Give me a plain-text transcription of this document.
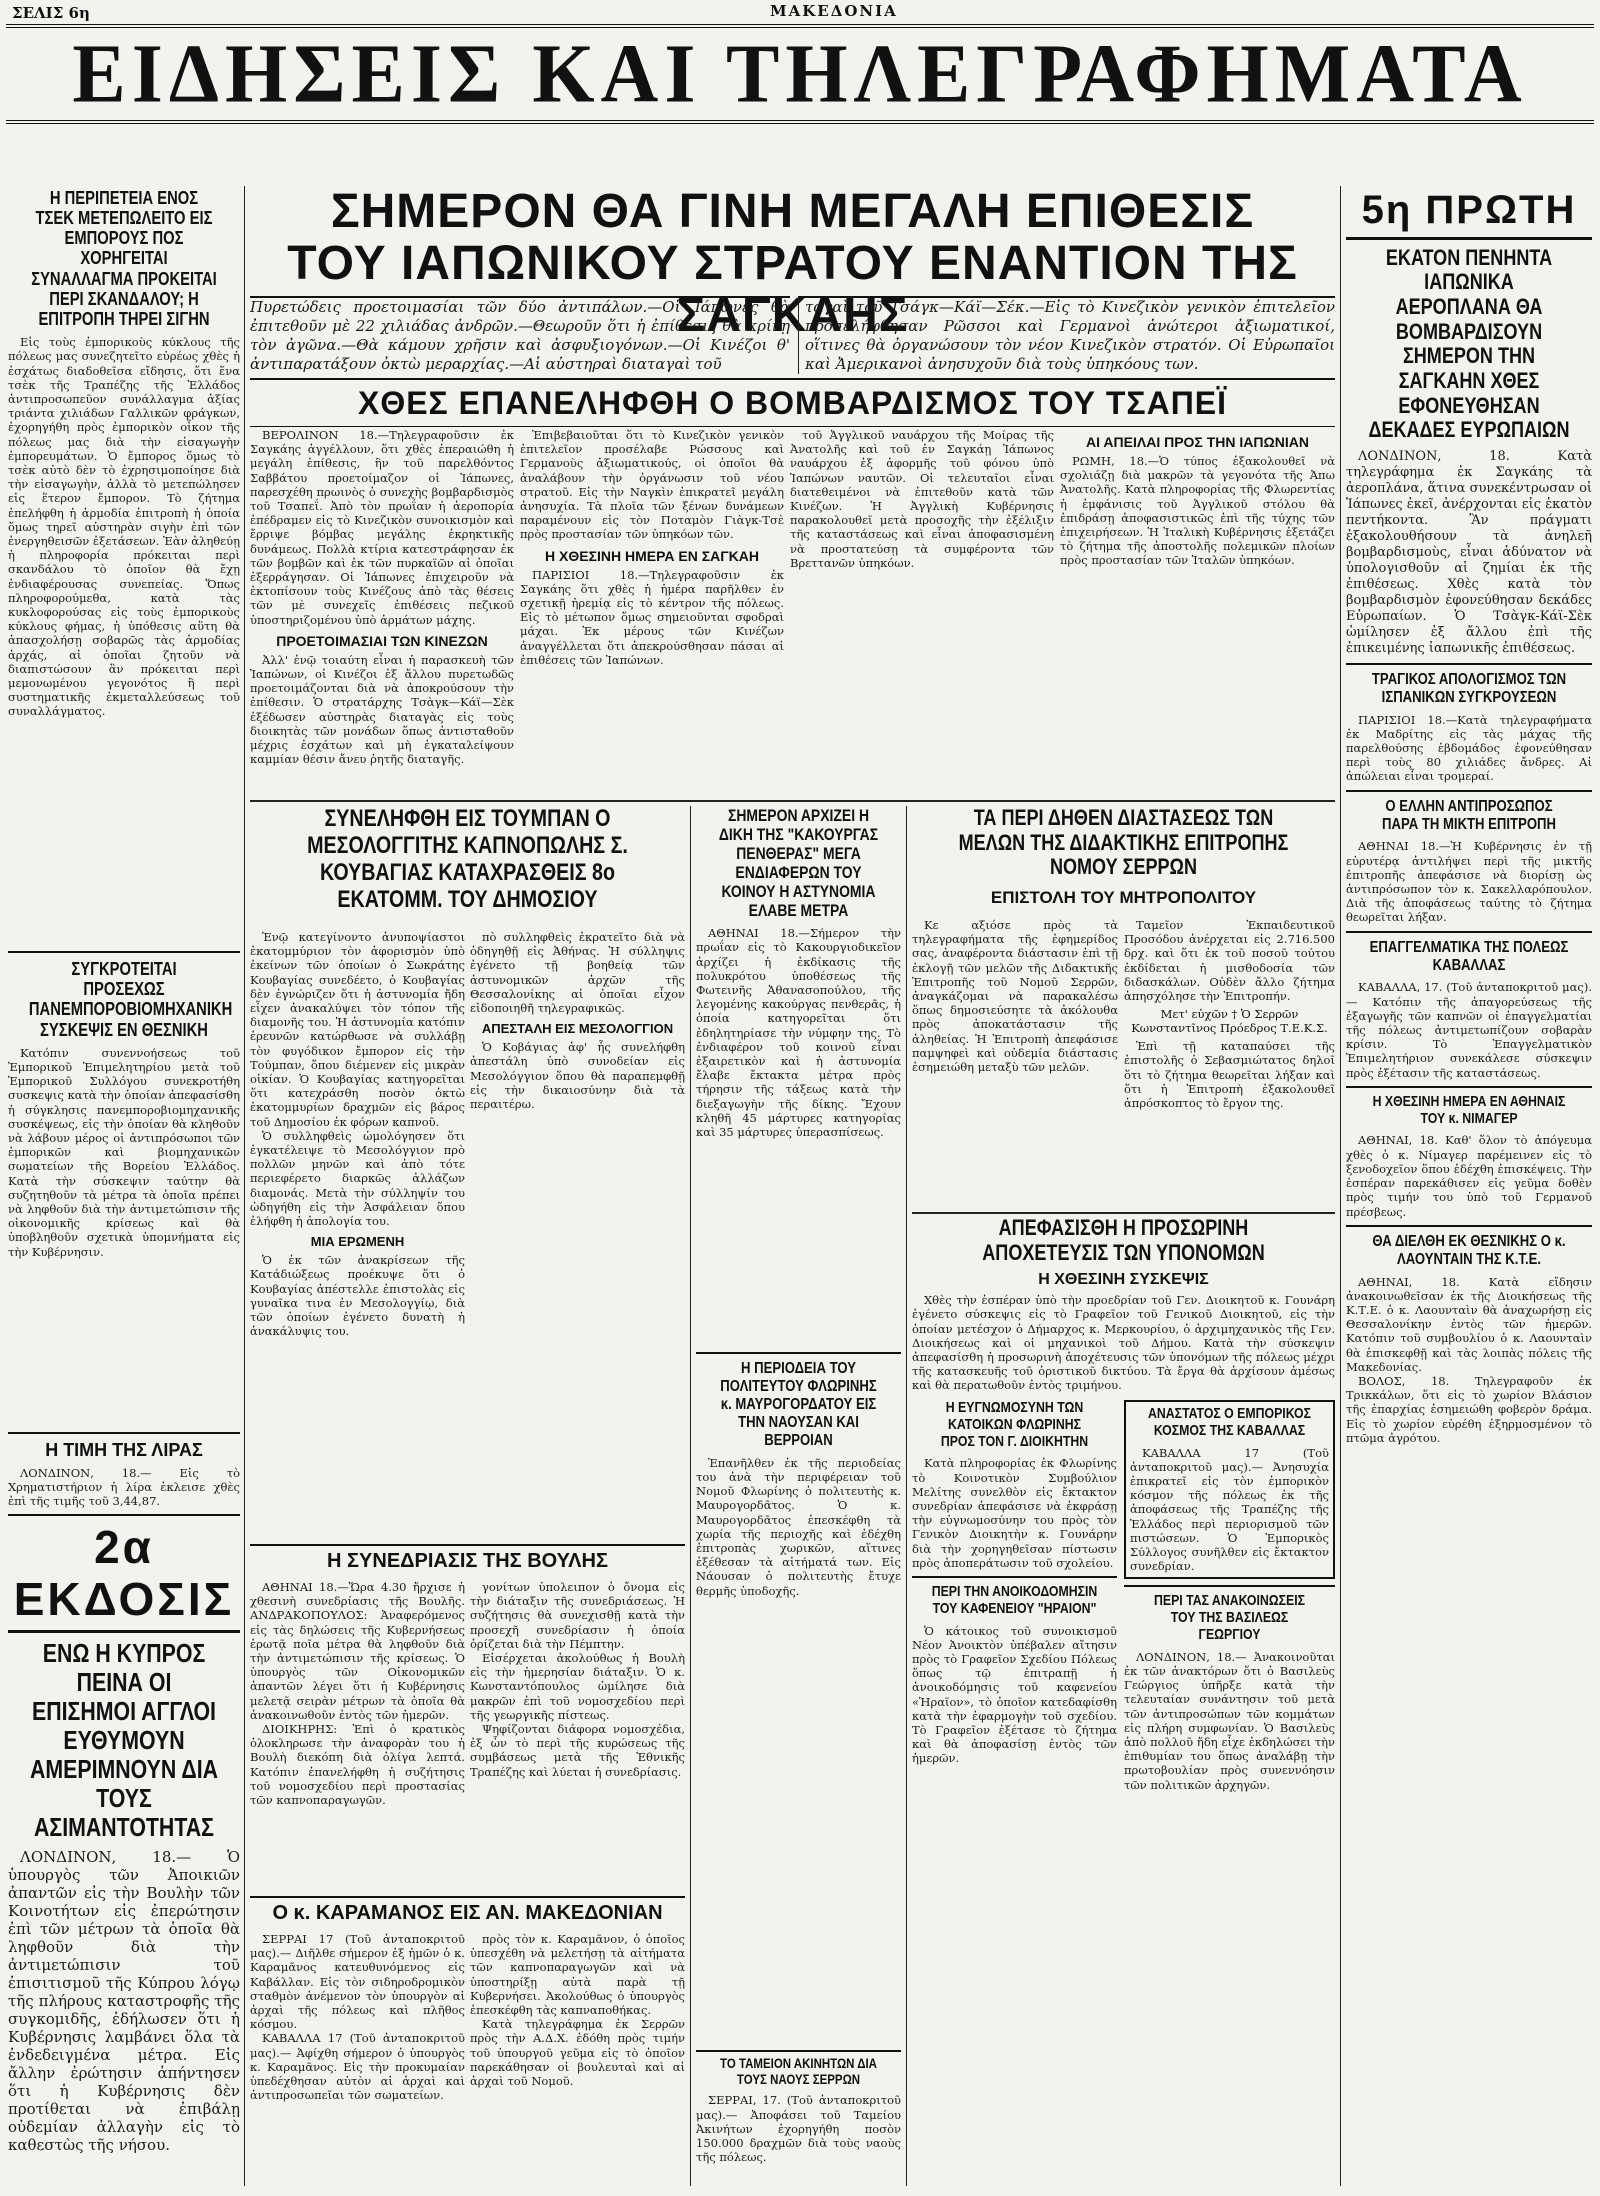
ΣΕΛΙΣ 6η	ΜΑΚΕΔΟΝΙΑ
ΕΙΔΗΣΕΙΣ ΚΑΙ ΤΗΛΕΓΡΑΦΗΜΑΤΑ
Η ΠΕΡΙΠΕΤΕΙΑ ΕΝΟΣ ΤΣΕΚ ΜΕΤΕΠΩΛΕΙΤΟ ΕΙΣ ΕΜΠΟΡΟΥΣ ΠΟΣ ΧΟΡΗΓΕΙΤΑΙ ΣΥΝΑΛΛΑΓΜΑ ΠΡΟΚΕΙΤΑΙ ΠΕΡΙ ΣΚΑΝΔΑΛΟΥ; Η ΕΠΙΤΡΟΠΗ ΤΗΡΕΙ ΣΙΓΗΝ

Εἰς τοὺς ἐμπορικοὺς κύκλους τῆς πόλεως μας συνεζητεῖτο εὐρέως χθὲς ἡ ἐσχάτως διαδοθεῖσα εἴδησις, ὅτι ἕνα τσὲκ τῆς Τραπέζης τῆς Ἑλλάδος ἀντιπροσωπεῦον συνάλλαγμα ἀξίας τριάντα χιλιάδων Γαλλικῶν φράγκων, ἐχορηγήθη πρὸς ἐμπορικὸν οἶκον τῆς πόλεως μας διὰ τὴν εἰσαγωγὴν ἐμπορευμάτων. Ὁ ἔμπορος ὅμως τὸ τσὲκ αὐτὸ δὲν τὸ ἐχρησιμοποίησε διὰ τὴν εἰσαγωγὴν, ἀλλὰ τὸ μετεπώλησεν εἰς ἕτερον ἔμπορον. Τὸ ζήτημα ἐπελήφθη ἡ ἁρμοδία ἐπιτροπὴ ἡ ὁποία ὅμως τηρεῖ αὐστηρὰν σιγὴν ἐπὶ τῶν ἐνεργηθεισῶν ἐξετάσεων. Ἐὰν ἀληθεύῃ ἡ πληροφορία πρόκειται περὶ σκανδάλου τὸ ὁποῖον θὰ ἔχῃ ἐνδιαφέρουσας συνεπείας. Ὅπως πληροφορούμεθα, κατὰ τὰς κυκλοφορούσας εἰς τοὺς ἐμπορικοὺς κύκλους φήμας, ἡ ὑπόθεσις αὕτη θὰ ἀπασχολήσῃ σοβαρῶς τὰς ἁρμοδίας ἀρχάς, αἱ ὁποῖαι ζητοῦν νὰ διαπιστώσουν ἂν πρόκειται περὶ μεμονωμένου γεγονότος ἢ περὶ συστηματικῆς ἐκμεταλλεύσεως τοῦ συναλλάγματος.

ΣΥΓΚΡΟΤΕΙΤΑΙ ΠΡΟΣΕΧΩΣ ΠΑΝΕΜΠΟΡΟΒΙΟΜΗΧΑΝΙΚΗ ΣΥΣΚΕΨΙΣ ΕΝ ΘΕΣΝΙΚΗ

Κατόπιν συνεννοήσεως τοῦ Ἐμπορικοῦ Ἐπιμελητηρίου μετὰ τοῦ Ἐμπορικοῦ Συλλόγου συνεκροτήθη συσκεψις κατὰ τὴν ὁποίαν ἀπεφασίσθη ἡ σύγκλησις πανεμποροβιομηχανικῆς συσκέψεως, εἰς τὴν ὁποίαν θὰ κληθοῦν νὰ λάβουν μέρος οἱ ἀντιπρόσωποι τῶν ἐμπορικῶν καὶ βιομηχανικῶν σωματείων τῆς Βορείου Ἑλλάδος. Κατὰ τὴν σύσκεψιν ταύτην θὰ συζητηθοῦν τὰ μέτρα τὰ ὁποῖα πρέπει νὰ ληφθοῦν διὰ τὴν ἀντιμετώπισιν τῆς οἰκονομικῆς κρίσεως καὶ θὰ ὑποβληθοῦν σχετικὰ ὑπομνήματα εἰς τὴν Κυβέρνησιν.

Η ΤΙΜΗ ΤΗΣ ΛΙΡΑΣ

ΛΟΝΔΙΝΟΝ, 18.— Εἰς τὸ Χρηματιστήριον ἡ λίρα ἐκλεισε χθὲς ἐπὶ τῆς τιμῆς τοῦ 3,44,87.

2α ΕΚΔΟΣΙΣ
ΕΝΩ Η ΚΥΠΡΟΣ ΠΕΙΝΑ ΟΙ ΕΠΙΣΗΜΟΙ ΑΓΓΛΟΙ ΕΥΘΥΜΟΥΝ ΑΜΕΡΙΜΝΟΥΝ ΔΙΑ ΤΟΥΣ ΑΣΙΜΑΝΤΟΤΗΤΑΣ

ΛΟΝΔΙΝΟΝ, 18.— Ὁ ὑπουργὸς τῶν Ἀποικιῶν ἀπαντῶν εἰς τὴν Βουλὴν τῶν Κοινοτήτων εἰς ἐπερώτησιν ἐπὶ τῶν μέτρων τὰ ὁποῖα θὰ ληφθοῦν διὰ τὴν ἀντιμετώπισιν τοῦ ἐπισιτισμοῦ τῆς Κύπρου λόγῳ τῆς πλήρους καταστροφῆς τῆς συγκομιδῆς, ἐδήλωσεν ὅτι ἡ Κυβέρνησις λαμβάνει ὅλα τὰ ἐνδεδειγμένα μέτρα. Εἰς ἄλλην ἐρώτησιν ἀπήντησεν ὅτι ἡ Κυβέρνησις δὲν προτίθεται νὰ ἐπιβάλῃ οὐδεμίαν ἀλλαγὴν εἰς τὸ καθεστὼς τῆς νήσου.

ΣΗΜΕΡΟΝ ΘΑ ΓΙΝΗ ΜΕΓΑΛΗ ΕΠΙΘΕΣΙΣ
ΤΟΥ ΙΑΠΩΝΙΚΟΥ ΣΤΡΑΤΟΥ ΕΝΑΝΤΙΟΝ ΤΗΣ ΣΑΓΚΑΗΣ

Πυρετώδεις προετοιμασίαι τῶν δύο ἀντιπάλων.—Οἱ Ἰάπωνες θὰ ἐπιτεθοῦν μὲ 22 χιλιάδας ἀνδρῶν.—Θεωροῦν ὅτι ἡ ἐπίθεσις θὰ κρίνῃ τὸν ἀγῶνα.—Θὰ κάμουν χρῆσιν καὶ ἀσφυξιογόνων.—Οἱ Κινέζοι θ' ἀντιπαρατάξουν ὀκτὼ μεραρχίας.—Αἱ αὐστηραὶ διαταγαὶ τοῦ

ταγαὶ τοῦ Τσάγκ—Κάϊ—Σέκ.—Εἰς τὸ Κινεζικὸν γενικὸν ἐπιτελεῖον προσελήφθησαν Ρῶσσοι καὶ Γερμανοὶ ἀνώτεροι ἀξιωματικοί, οἵτινες θὰ ὀργανώσουν τὸν νέον Κινεζικὸν στρατόν. Οἱ Εὐρωπαῖοι καὶ Ἀμερικανοὶ ἀνησυχοῦν διὰ τοὺς ὑπηκόους των.

ΧΘΕΣ ΕΠΑΝΕΛΗΦΘΗ Ο ΒΟΜΒΑΡΔΙΣΜΟΣ ΤΟΥ ΤΣΑΠΕΪ

ΒΕΡΟΛΙΝΟΝ 18.—Τηλεγραφοῦσιν ἐκ Σαγκάης ἀγγέλλουν, ὅτι χθὲς ἐπεραιώθη ἡ μεγάλη ἐπίθεσις, ἣν τοῦ παρελθόντος Σαββάτου προετοίμαζον οἱ Ἰάπωνες, παρεσχέθη πρωινὸς ὁ συνεχὴς βομβαρδισμὸς τοῦ Τσαπεΐ. Ἀπὸ τὸν πρωΐαν ἡ ἀεροπορία ἐπέδραμεν εἰς τὸ Κινεζικὸν συνοικισμὸν καὶ ἔρριψε βόμβας μεγάλης ἐκρηκτικῆς δυνάμεως. Πολλὰ κτίρια κατεστράφησαν ἐκ τῶν βομβῶν καὶ ἐκ τῶν πυρκαϊῶν αἱ ὁποῖαι ἐξερράγησαν. Οἱ Ἰάπωνες ἐπιχειροῦν νὰ ἐκτοπίσουν τοὺς Κινέζους ἀπὸ τὰς θέσεις τῶν μὲ συνεχεῖς ἐπιθέσεις πεζικοῦ ὑποστηριζομένου ὑπὸ ἀρμάτων μάχης.

ΠΡΟΕΤΟΙΜΑΣΙΑΙ ΤΩΝ ΚΙΝΕΖΩΝ

Ἀλλ' ἐνῷ τοιαύτη εἶναι ἡ παρασκευὴ τῶν Ἰαπώνων, οἱ Κινέζοι ἐξ ἄλλου πυρετωδῶς προετοιμάζονται διὰ νὰ ἀποκρούσουν τὴν ἐπίθεσιν. Ὁ στρατάρχης Τσὰγκ—Κάϊ—Σὲκ ἐξέδωσεν αὐστηρὰς διαταγὰς εἰς τοὺς διοικητὰς τῶν μονάδων ὅπως ἀντισταθοῦν μέχρις ἐσχάτων καὶ μὴ ἐγκαταλείψουν καμμίαν θέσιν ἄνευ ῥητῆς διαταγῆς.

Ἐπιβεβαιοῦται ὅτι τὸ Κινεζικὸν γενικὸν ἐπιτελεῖον προσέλαβε Ρώσσους καὶ Γερμανοὺς ἀξιωματικούς, οἱ ὁποῖοι θὰ ἀναλάβουν τὴν ὀργάνωσιν τοῦ νέου στρατοῦ. Εἰς τὴν Ναγκὶν ἐπικρατεῖ μεγάλη ἀνησυχία. Τὰ πλοῖα τῶν ξένων δυνάμεων παραμένουν εἰς τὸν Ποταμὸν Γιὰγκ-Τσὲ πρὸς προστασίαν τῶν ὑπηκόων τῶν.

Η ΧΘΕΣΙΝΗ ΗΜΕΡΑ ΕΝ ΣΑΓΚΑΗ

ΠΑΡΙΣΙΟΙ 18.—Τηλεγραφοῦσιν ἐκ Σαγκάης ὅτι χθὲς ἡ ἡμέρα παρῆλθεν ἐν σχετικῇ ἠρεμίᾳ εἰς τὸ κέντρον τῆς πόλεως. Εἰς τὸ μέτωπον ὅμως σημειοῦνται σφοδραὶ μάχαι. Ἐκ μέρους τῶν Κινέζων ἀναγγέλλεται ὅτι ἀπεκρούσθησαν πάσαι αἱ ἐπιθέσεις τῶν Ἰαπώνων.

τοῦ Ἀγγλικοῦ ναυάρχου τῆς Μοίρας τῆς Ἀνατολῆς καὶ τοῦ ἐν Σαγκάῃ Ἰάπωνος ναυάρχου ἐξ ἀφορμῆς τοῦ φόνου ὑπὸ Ἰαπώνων ναυτῶν. Οἱ τελευταῖοι εἶναι διατεθειμένοι νὰ ἐπιτεθοῦν κατὰ τῶν Κινέζων. Ἡ Ἀγγλικὴ Κυβέρνησις παρακολουθεῖ μετὰ προσοχῆς τὴν ἐξέλιξιν τῆς καταστάσεως καὶ εἶναι ἀποφασισμένη νὰ προστατεύσῃ τὰ συμφέροντα τῶν Βρεττανῶν ὑπηκόων.

ΑΙ ΑΠΕΙΛΑΙ ΠΡΟΣ ΤΗΝ ΙΑΠΩΝΙΑΝ

ΡΩΜΗ, 18.—Ὁ τύπος ἐξακολουθεῖ νὰ σχολιάζῃ διὰ μακρῶν τὰ γεγονότα τῆς Ἀπω Ἀνατολῆς. Κατὰ πληροφορίας τῆς Φλωρεντίας ἡ ἐμφάνισις τοῦ Ἀγγλικοῦ στόλου θὰ ἐπιδράσῃ ἀποφασιστικῶς ἐπὶ τῆς τύχης τῶν ἐπιχειρήσεων. Ἡ Ἰταλικὴ Κυβέρνησις ἐξετάζει τὸ ζήτημα τῆς ἀποστολῆς πολεμικῶν πλοίων πρὸς προστασίαν τῶν Ἰταλῶν ὑπηκόων.

ΣΥΝΕΛΗΦΘΗ ΕΙΣ ΤΟΥΜΠΑΝ Ο ΜΕΣΟΛΟΓΓΙΤΗΣ ΚΑΠΝΟΠΩΛΗΣ Σ. ΚΟΥΒΑΓΙΑΣ ΚΑΤΑΧΡΑΣΘΕΙΣ 8ο ΕΚΑΤΟΜΜ. ΤΟΥ ΔΗΜΟΣΙΟΥ

Ἐνῷ κατεγίνοντο ἀνυποψίαστοι ἐκατομμύριον τὸν ἀφορισμὸν ὑπὸ ἐκείνων τῶν ὁποίων ὁ Σωκράτης Κουβαγίας συνεδέετο, ὁ Κουβαγίας δὲν ἐγνώριζεν ὅτι ἡ ἀστυνομία ἤδη εἶχεν ἀνακαλύψει τὸν τόπον τῆς διαμονῆς του. Ἡ ἀστυνομία κατόπιν ἐρευνῶν κατώρθωσε νὰ συλλάβῃ τὸν φυγόδικον ἔμπορον εἰς τὴν Τούμπαν, ὅπου διέμενεν εἰς μικρὰν οἰκίαν. Ὁ Κουβαγίας κατηγορεῖται ὅτι κατεχράσθη ποσὸν ὀκτὼ ἑκατομμυρίων δραχμῶν εἰς βάρος τοῦ Δημοσίου ἐκ φόρων καπνοῦ.

Ὁ συλληφθεὶς ὡμολόγησεν ὅτι ἐγκατέλειψε τὸ Μεσολόγγιον πρὸ πολλῶν μηνῶν καὶ ἀπὸ τότε περιεφέρετο διαρκῶς ἀλλάζων διαμονάς. Μετὰ τὴν σύλληψίν του ὡδηγήθη εἰς τὴν Ἀσφάλειαν ὅπου ἐλήφθη ἡ ἀπολογία του.

ΜΙΑ ΕΡΩΜΕΝΗ

Ὁ ἐκ τῶν ἀνακρίσεων τῆς Κατάδιώξεως προέκυψε ὅτι ὁ Κουβαγίας ἀπέστελλε ἐπιστολὰς εἰς γυναῖκα τινα ἐν Μεσολογγίῳ, διὰ τῶν ὁποίων ἐγένετο δυνατὴ ἡ ἀνακάλυψις του.

πὸ συλληφθεὶς ἐκρατεῖτο διὰ νὰ ὁδηγηθῇ εἰς Ἀθήνας. Ἡ σύλληψις ἐγένετο τῇ βοηθείᾳ τῶν ἀστυνομικῶν ἀρχῶν τῆς Θεσσαλονίκης αἱ ὁποῖαι εἶχον εἰδοποιηθῆ τηλεγραφικῶς.

ΑΠΕΣΤΑΛΗ ΕΙΣ ΜΕΣΟΛΟΓΓΙΟΝ

Ὁ Κοβάγιας ἀφ' ἧς συνελήφθη ἀπεστάλη ὑπὸ συνοδείαν εἰς Μεσολόγγιον ὅπου θὰ παραπεμφθῇ εἰς τὴν δικαιοσύνην διὰ τὰ περαιτέρω.

ΣΗΜΕΡΟΝ ΑΡΧΙΖΕΙ Η ΔΙΚΗ ΤΗΣ "ΚΑΚΟΥΡΓΑΣ ΠΕΝΘΕΡΑΣ" ΜΕΓΑ ΕΝΔΙΑΦΕΡΩΝ ΤΟΥ ΚΟΙΝΟΥ Η ΑΣΤΥΝΟΜΙΑ ΕΛΑΒΕ ΜΕΤΡΑ

ΑΘΗΝΑΙ 18.—Σήμερον τὴν πρωΐαν εἰς τὸ Κακουργιοδικεῖον ἀρχίζει ἡ ἐκδίκασις τῆς πολυκρότου ὑποθέσεως τῆς Φωτεινῆς Ἀθανασοπούλου, τῆς λεγομένης κακούργας πενθερᾶς, ἡ ὁποία κατηγορεῖται ὅτι ἐδηλητηρίασε τὴν νύμφην της. Τὸ ἐνδιαφέρον τοῦ κοινοῦ εἶναι ἐξαιρετικὸν καὶ ἡ ἀστυνομία ἔλαβε ἔκτακτα μέτρα πρὸς τήρησιν τῆς τάξεως κατὰ τὴν διεξαγωγὴν τῆς δίκης. Ἔχουν κληθῆ 45 μάρτυρες κατηγορίας καὶ 35 μάρτυρες ὑπερασπίσεως.

Η ΠΕΡΙΟΔΕΙΑ ΤΟΥ ΠΟΛΙΤΕΥΤΟΥ ΦΛΩΡΙΝΗΣ κ. ΜΑΥΡΟΓΟΡΔΑΤΟΥ ΕΙΣ ΤΗΝ ΝΑΟΥΣΑΝ ΚΑΙ ΒΕΡΡΟΙΑΝ

Ἐπανῆλθεν ἐκ τῆς περιοδείας του ἀνὰ τὴν περιφέρειαν τοῦ Νομοῦ Φλωρίνης ὁ πολιτευτὴς κ. Μαυρογορδᾶτος. Ὁ κ. Μαυρογορδᾶτος ἐπεσκέφθη τὰ χωρία τῆς περιοχῆς καὶ ἐδέχθη ἐπιτροπὰς χωρικῶν, αἵτινες ἐξέθεσαν τὰ αἰτήματά των. Εἰς Νάουσαν ὁ πολιτευτὴς ἔτυχε θερμῆς ὑποδοχῆς.

ΤΑ ΠΕΡΙ ΔΗΘΕΝ ΔΙΑΣΤΑΣΕΩΣ ΤΩΝ ΜΕΛΩΝ ΤΗΣ ΔΙΔΑΚΤΙΚΗΣ ΕΠΙΤΡΟΠΗΣ ΝΟΜΟΥ ΣΕΡΡΩΝ
ΕΠΙΣΤΟΛΗ ΤΟΥ ΜΗΤΡΟΠΟΛΙΤΟΥ

Κε αξιόσε πρὸς τὰ τηλεγραφήματα τῆς ἐφημερίδος σας, ἀναφέροντα διάστασιν ἐπὶ τῇ ἐκλογῇ τῶν μελῶν τῆς Διδακτικῆς Ἐπιτροπῆς τοῦ Νομοῦ Σερρῶν, ἀναγκάζομαι νὰ παρακαλέσω ὅπως δημοσιεύσητε τὰ ἀκόλουθα πρὸς ἀποκατάστασιν τῆς ἀληθείας. Ἡ Ἐπιτροπὴ ἀπεφάσισε παμψηφεὶ καὶ οὐδεμία διάστασις ἐσημειώθη μεταξὺ τῶν μελῶν.

Ταμεῖον Ἐκπαιδευτικοῦ Προσόδου ἀνέρχεται εἰς 2.716.500 δρχ. καὶ ὅτι ἐκ τοῦ ποσοῦ τούτου ἐκδίδεται ἡ μισθοδοσία τῶν διδασκάλων. Οὐδὲν ἄλλο ζήτημα ἀπησχόλησε τὴν Ἐπιτροπήν.

Μετ' εὐχῶν † Ὁ Σερρῶν Κωνσταντῖνος Πρόεδρος Τ.Ε.Κ.Σ.

Ἐπὶ τῇ καταπαύσει τῆς ἐπιστολῆς ὁ Σεβασμιώτατος δηλοῖ ὅτι τὸ ζήτημα θεωρεῖται λήξαν καὶ ὅτι ἡ Ἐπιτροπὴ ἐξακολουθεῖ ἀπρόσκοπτος τὸ ἔργον της.

ΑΠΕΦΑΣΙΣΘΗ Η ΠΡΟΣΩΡΙΝΗ ΑΠΟΧΕΤΕΥΣΙΣ ΤΩΝ ΥΠΟΝΟΜΩΝ
Η ΧΘΕΣΙΝΗ ΣΥΣΚΕΨΙΣ

Χθὲς τὴν ἑσπέραν ὑπὸ τὴν προεδρίαν τοῦ Γεν. Διοικητοῦ κ. Γουνάρη ἐγένετο σύσκεψις εἰς τὸ Γραφεῖον τοῦ Γενικοῦ Διοικητοῦ, εἰς τὴν ὁποίαν μετέσχον ὁ Δήμαρχος κ. Μερκουρίου, ὁ ἀρχιμηχανικὸς τῆς Γεν. Διοικήσεως καὶ οἱ μηχανικοὶ τοῦ Δήμου. Κατὰ τὴν σύσκεψιν ἀπεφασίσθη ἡ προσωρινὴ ἀποχέτευσις τῶν ὑπονόμων τῆς πόλεως μέχρι τῆς κατασκευῆς τοῦ ὁριστικοῦ δικτύου. Τὰ ἔργα θὰ ἀρχίσουν ἀμέσως καὶ θὰ περατωθοῦν ἐντὸς τριμήνου.

Η ΕΥΓΝΩΜΟΣΥΝΗ ΤΩΝ ΚΑΤΟΙΚΩΝ ΦΛΩΡΙΝΗΣ ΠΡΟΣ ΤΟΝ Γ. ΔΙΟΙΚΗΤΗΝ

Κατὰ πληροφορίας ἐκ Φλωρίνης τὸ Κοινοτικὸν Συμβούλιον Μελίτης συνελθὸν εἰς ἔκτακτον συνεδρίαν ἀπεφάσισε νὰ ἐκφράσῃ τὴν εὐγνωμοσύνην του πρὸς τὸν Γενικὸν Διοικητὴν κ. Γουνάρην διὰ τὴν χορηγηθεῖσαν πίστωσιν πρὸς ἀποπεράτωσιν τοῦ σχολείου.

ΠΕΡΙ ΤΗΝ ΑΝΟΙΚΟΔΟΜΗΣΙΝ ΤΟΥ ΚΑΦΕΝΕΙΟΥ "ΗΡΑΙΟΝ"

Ὁ κάτοικος τοῦ συνοικισμοῦ Νέον Ἀνοικτὸν ὑπέβαλεν αἴτησιν πρὸς τὸ Γραφεῖον Σχεδίου Πόλεως ὅπως τῷ ἐπιτραπῇ ἡ ἀνοικοδόμησις τοῦ καφενείου «Ἡραῖον», τὸ ὁποῖον κατεδαφίσθη κατὰ τὴν ἐφαρμογὴν τοῦ σχεδίου. Τὸ Γραφεῖον ἐξέτασε τὸ ζήτημα καὶ θὰ ἀποφασίσῃ ἐντὸς τῶν ἡμερῶν.

ΑΝΑΣΤΑΤΟΣ Ο ΕΜΠΟΡΙΚΟΣ ΚΟΣΜΟΣ ΤΗΣ ΚΑΒΑΛΛΑΣ

ΚΑΒΑΛΛΑ 17 (Τοῦ ἀνταποκριτοῦ μας).— Ἀνησυχία ἐπικρατεῖ εἰς τὸν ἐμπορικὸν κόσμον τῆς πόλεως ἐκ τῆς ἀποφάσεως τῆς Τραπέζης τῆς Ἑλλάδος περὶ περιορισμοῦ τῶν πιστώσεων. Ὁ Ἐμπορικὸς Σύλλογος συνῆλθεν εἰς ἔκτακτον συνεδρίαν.

ΠΕΡΙ ΤΑΣ ΑΝΑΚΟΙΝΩΣΕΙΣ ΤΟΥ ΤΗΣ ΒΑΣΙΛΕΩΣ ΓΕΩΡΓΙΟΥ

ΛΟΝΔΙΝΟΝ, 18.— Ἀνακοινοῦται ἐκ τῶν ἀνακτόρων ὅτι ὁ Βασιλεὺς Γεώργιος ὑπῆρξε κατὰ τὴν τελευταίαν συνάντησιν τοῦ μετὰ τῶν ἀντιπροσώπων τῶν κομμάτων εἰς πλήρη συμφωνίαν. Ὁ Βασιλεὺς ἀπὸ πολλοῦ ἤδη εἶχε ἐκδηλώσει τὴν ἐπιθυμίαν του ὅπως ἀναλάβῃ τὴν πρωτοβουλίαν πρὸς συνεννόησιν τῶν πολιτικῶν ἀρχηγῶν.

Η ΣΥΝΕΔΡΙΑΣΙΣ ΤΗΣ ΒΟΥΛΗΣ

ΑΘΗΝΑΙ 18.—Ὥρα 4.30 ἤρχισε ἡ χθεσινὴ συνεδρίασις τῆς Βουλῆς. ΑΝΔΡΑΚΟΠΟΥΛΟΣ: Ἀναφερόμενος εἰς τὰς δηλώσεις τῆς Κυβερνήσεως ἐρωτᾷ ποῖα μέτρα θὰ ληφθοῦν διὰ τὴν ἀντιμετώπισιν τῆς κρίσεως. Ὁ ὑπουργὸς τῶν Οἰκονομικῶν ἀπαντῶν λέγει ὅτι ἡ Κυβέρνησις μελετᾷ σειρὰν μέτρων τὰ ὁποῖα θὰ ἀνακοινωθοῦν ἐντὸς τῶν ἡμερῶν.

ΔΙΟΙΚΗΡΗΣ: Ἐπὶ ὁ κρατικὸς ὁλοκληρωσε τὴν ἀναφορὰν του ἡ Βουλὴ διεκόπη διὰ ὀλίγα λεπτά. Κατόπιν ἐπανελήφθη ἡ συζήτησις τοῦ νομοσχεδίου περὶ προστασίας τῶν καπνοπαραγωγῶν.

γονίτων ὑπολειπον ὁ ὄνομα εἰς τὴν διάταξιν τῆς συνεδριάσεως. Ἡ συζήτησις θὰ συνεχισθῇ κατὰ τὴν προσεχῆ συνεδρίασιν ἡ ὁποία ὁρίζεται διὰ τὴν Πέμπτην.

Εἰσέρχεται ἀκολούθως ἡ Βουλὴ εἰς τὴν ἡμερησίαν διάταξιν. Ὁ κ. Κωνσταντόπουλος ὡμίλησε διὰ μακρῶν ἐπὶ τοῦ νομοσχεδίου περὶ τῆς γεωργικῆς πίστεως.

Ψηφίζονται διάφορα νομοσχέδια, ἐξ ὧν τὸ περὶ τῆς κυρώσεως τῆς συμβάσεως μετὰ τῆς Ἐθνικῆς Τραπέζης καὶ λύεται ἡ συνεδρίασις.

Ο κ. ΚΑΡΑΜΑΝΟΣ ΕΙΣ ΑΝ. ΜΑΚΕΔΟΝΙΑΝ

ΣΕΡΡΑΙ 17 (Τοῦ ἀνταποκριτοῦ μας).— Διῆλθε σήμερον ἐξ ἡμῶν ὁ κ. Καραμᾶνος κατευθυνόμενος εἰς Καβάλλαν. Εἰς τὸν σιδηροδρομικὸν σταθμὸν ἀνέμενον τὸν ὑπουργὸν αἱ ἀρχαὶ τῆς πόλεως καὶ πλῆθος κόσμου.

ΚΑΒΑΛΛΑ 17 (Τοῦ ἀνταποκριτοῦ μας).— Ἀφίχθη σήμερον ὁ ὑπουργὸς κ. Καραμᾶνος. Εἰς τὴν προκυμαίαν ὑπεδέχθησαν αὐτὸν αἱ ἀρχαὶ καὶ ἀντιπροσωπεῖαι τῶν σωματείων.

πρὸς τὸν κ. Καραμᾶνον, ὁ ὁποῖος ὑπεσχέθη νὰ μελετήσῃ τὰ αἰτήματα τῶν καπνοπαραγωγῶν καὶ νὰ ὑποστηρίξῃ αὐτὰ παρὰ τῇ Κυβερνήσει. Ἀκολούθως ὁ ὑπουργὸς ἐπεσκέφθη τὰς καπναποθήκας.

Κατὰ τηλεγράφημα ἐκ Σερρῶν πρὸς τὴν Α.Δ.Χ. ἐδόθη πρὸς τιμήν τοῦ ὑπουργοῦ γεῦμα εἰς τὸ ὁποῖον παρεκάθησαν οἱ βουλευταὶ καὶ αἱ ἀρχαὶ τοῦ Νομοῦ.

ΤΟ ΤΑΜΕΙΟΝ ΑΚΙΝΗΤΩΝ ΔΙΑ ΤΟΥΣ ΝΑΟΥΣ ΣΕΡΡΩΝ

ΣΕΡΡΑΙ, 17. (Τοῦ ἀνταποκριτοῦ μας).— Ἀποφάσει τοῦ Ταμείου Ἀκινήτων ἐχορηγήθη ποσὸν 150.000 δραχμῶν διὰ τοὺς ναοὺς τῆς πόλεως.

5η ΠΡΩΤΗ
ΕΚΑΤΟΝ ΠΕΝΗΝΤΑ ΙΑΠΩΝΙΚΑ ΑΕΡΟΠΛΑΝΑ ΘΑ ΒΟΜΒΑΡΔΙΣΟΥΝ ΣΗΜΕΡΟΝ ΤΗΝ ΣΑΓΚΑΗΝ ΧΘΕΣ ΕΦΟΝΕΥΘΗΣΑΝ ΔΕΚΑΔΕΣ ΕΥΡΩΠΑΙΩΝ

ΛΟΝΔΙΝΟΝ, 18. Κατὰ τηλεγράφημα ἐκ Σαγκάης τὰ ἀεροπλάνα, ἅτινα συνεκέντρωσαν οἱ Ἰάπωνες ἐκεῖ, ἀνέρχονται εἰς ἑκατὸν πεντήκοντα. Ἂν πράγματι ἐξακολουθήσουν τὰ ἀνηλεῆ βομβαρδισμοὺς, εἶναι ἀδύνατον νὰ ὑπολογισθοῦν αἱ ζημίαι ἐκ τῆς ἐπιθέσεως. Χθὲς κατὰ τὸν βομβαρδισμὸν ἐφονεύθησαν δεκάδες Εὐρωπαίων. Ὁ Τσὰγκ-Κάϊ-Σὲκ ὡμίλησεν ἐξ ἄλλου ἐπὶ τῆς ἐπικειμένης ἰαπωνικῆς ἐπιθέσεως.

ΤΡΑΓΙΚΟΣ ΑΠΟΛΟΓΙΣΜΟΣ ΤΩΝ ΙΣΠΑΝΙΚΩΝ ΣΥΓΚΡΟΥΣΕΩΝ

ΠΑΡΙΣΙΟΙ 18.—Κατὰ τηλεγραφήματα ἐκ Μαδρίτης εἰς τὰς μάχας τῆς παρελθούσης ἑβδομάδος ἐφονεύθησαν περὶ τοὺς 80 χιλιάδες ἄνδρες. Αἱ ἀπώλειαι εἶναι τρομεραί.

Ο ΕΛΛΗΝ ΑΝΤΙΠΡΟΣΩΠΟΣ ΠΑΡΑ ΤΗ ΜΙΚΤΗ ΕΠΙΤΡΟΠΗ

ΑΘΗΝΑΙ 18.—Ἡ Κυβέρνησις ἐν τῇ εὐρυτέρᾳ ἀντιλήψει περὶ τῆς μικτῆς ἐπιτροπῆς ἀπεφάσισε νὰ διορίσῃ ὡς ἀντιπρόσωπον τὸν κ. Σακελλαρόπουλον. Διὰ τῆς ἀποφάσεως ταύτης τὸ ζήτημα θεωρεῖται λήξαν.

ΕΠΑΓΓΕΛΜΑΤΙΚΑ ΤΗΣ ΠΟΛΕΩΣ ΚΑΒΑΛΛΑΣ

ΚΑΒΑΛΛΑ, 17. (Τοῦ ἀνταποκριτοῦ μας).— Κατόπιν τῆς ἀπαγορεύσεως τῆς ἐξαγωγῆς τῶν καπνῶν οἱ ἐπαγγελματίαι τῆς πόλεως ἀντιμετωπίζουν σοβαρὰν κρίσιν. Τὸ Ἐπαγγελματικὸν Ἐπιμελητήριον συνεκάλεσε σύσκεψιν πρὸς ἐξέτασιν τῆς καταστάσεως.

Η ΧΘΕΣΙΝΗ ΗΜΕΡΑ ΕΝ ΑΘΗΝΑΙΣ ΤΟΥ κ. ΝΙΜΑΓΕΡ

ΑΘΗΝΑΙ, 18. Καθ' ὅλον τὸ ἀπόγευμα χθὲς ὁ κ. Νίμαγερ παρέμεινεν εἰς τὸ ξενοδοχεῖον ὅπου ἐδέχθη ἐπισκέψεις. Τὴν ἑσπέραν παρεκάθισεν εἰς γεῦμα δοθὲν πρὸς τιμήν του ὑπὸ τοῦ Γερμανοῦ πρέσβεως.

ΘΑ ΔΙΕΛΘΗ ΕΚ ΘΕΣΝΙΚΗΣ Ο κ. ΛΑΟΥΝΤΑΙΝ ΤΗΣ Κ.Τ.Ε.

ΑΘΗΝΑΙ, 18. Κατὰ εἴδησιν ἀνακοινωθεῖσαν ἐκ τῆς Διοικήσεως τῆς Κ.Τ.Ε. ὁ κ. Λαουνταὶν θὰ ἀναχωρήσῃ εἰς Θεσσαλονίκην ἐντὸς τῶν ἡμερῶν. Κατόπιν τοῦ συμβουλίου ὁ κ. Λαουνταὶν θὰ ἐπισκεφθῇ καὶ τὰς λοιπὰς πόλεις τῆς Μακεδονίας.

ΒΟΛΟΣ, 18. Τηλεγραφοῦν ἐκ Τρικκάλων, ὅτι εἰς τὸ χωρίον Βλάσιον τῆς ἐπαρχίας ἐσημειώθη φοβερὸν δράμα. Εἰς τὸ χωρίον εὑρέθη ἐξηρμοσμένον τὸ πτῶμα ἀγρότου.
